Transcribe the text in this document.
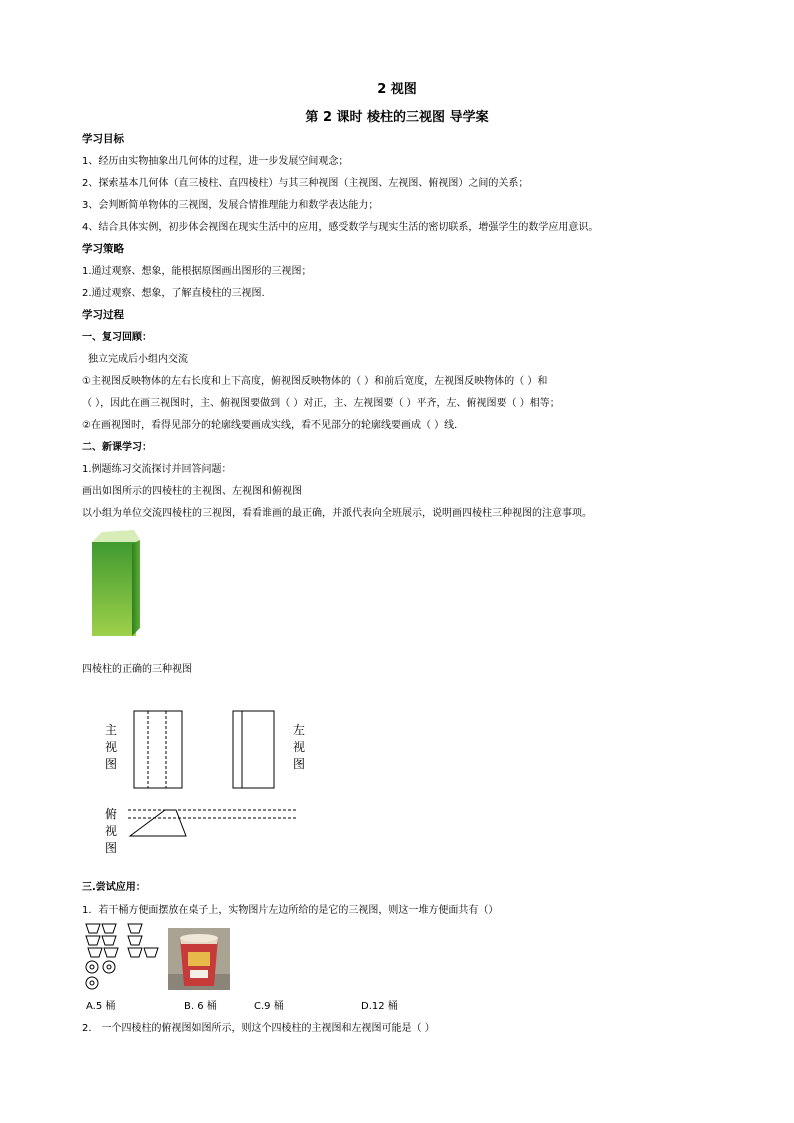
2 视图
第 2 课时 棱柱的三视图 导学案
学习目标
1、经历由实物抽象出几何体的过程，进一步发展空间观念；
2、探索基本几何体（直三棱柱、直四棱柱）与其三种视图（主视图、左视图、俯视图）之间的关系；
3、会判断简单物体的三视图，发展合情推理能力和数学表达能力；
4、结合具体实例，初步体会视图在现实生活中的应用，感受数学与现实生活的密切联系，增强学生的数学应用意识。
学习策略
1.通过观察、想象，能根据原图画出图形的三视图；
2.通过观察、想象，了解直棱柱的三视图.
学习过程
一、复习回顾：
独立完成后小组内交流
①主视图反映物体的左右长度和上下高度，俯视图反映物体的（ ）和前后宽度，左视图反映物体的（ ）和
（ ），因此在画三视图时，主、俯视图要做到（ ）对正，主、左视图要（ ）平齐，左、俯视图要（ ）相等；
②在画视图时，看得见部分的轮廓线要画成实线，看不见部分的轮廓线要画成（ ）线．
二、新课学习：
1.例题练习交流探讨并回答问题：
画出如图所示的四棱柱的主视图、左视图和俯视图
以小组为单位交流四棱柱的三视图，看看谁画的最正确，并派代表向全班展示，说明画四棱柱三种视图的注意事项。
四棱柱的正确的三种视图
主
视
图
左
视
图
俯
视
图
三.尝试应用：
1．若干桶方便面摆放在桌子上，实物图片左边所给的是它的三视图，则这一堆方便面共有（）
A.5 桶	B. 6 桶	C.9 桶	D.12 桶
2． 一个四棱柱的俯视图如图所示，则这个四棱柱的主视图和左视图可能是（ ）
